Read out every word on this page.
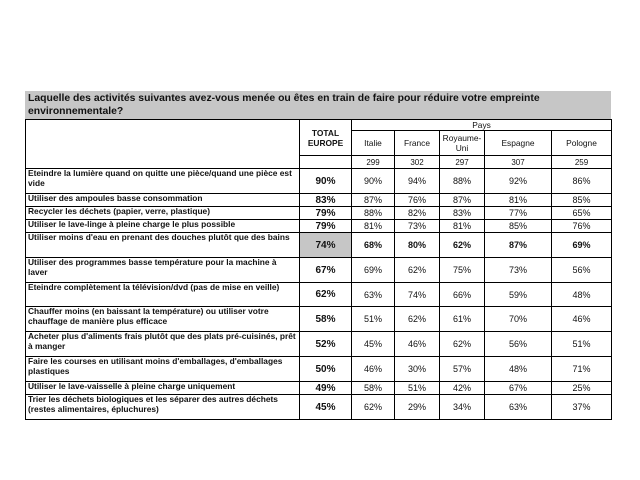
Laquelle des activités suivantes avez-vous menée ou êtes en train de faire pour réduire votre empreinte environnementale?
	TOTAL EUROPE	Pays				
		Italie	France	Royaume-Uni	Espagne	Pologne
		299	302	297	307	259
Eteindre la lumière quand on quitte une pièce/quand une pièce est vide	90%	90%	94%	88%	92%	86%
Utiliser des ampoules basse consommation	83%	87%	76%	87%	81%	85%
Recycler les déchets (papier, verre, plastique)	79%	88%	82%	83%	77%	65%
Utiliser le lave-linge à pleine charge le plus possible	79%	81%	73%	81%	85%	76%
Utiliser moins d'eau en prenant des douches plutôt que des bains	74%	68%	80%	62%	87%	69%
Utiliser des programmes basse température pour la machine à laver	67%	69%	62%	75%	73%	56%
Eteindre complètement la télévision/dvd (pas de mise en veille)	62%	63%	74%	66%	59%	48%
Chauffer moins (en baissant la température) ou utiliser votre chauffage de manière plus efficace	58%	51%	62%	61%	70%	46%
Acheter plus d'aliments frais plutôt que des plats pré-cuisinés, prêt à manger	52%	45%	46%	62%	56%	51%
Faire les courses en utilisant moins d'emballages, d'emballages plastiques	50%	46%	30%	57%	48%	71%
Utiliser le lave-vaisselle à pleine charge uniquement	49%	58%	51%	42%	67%	25%
Trier les déchets biologiques et les séparer des autres déchets (restes alimentaires, épluchures)	45%	62%	29%	34%	63%	37%
